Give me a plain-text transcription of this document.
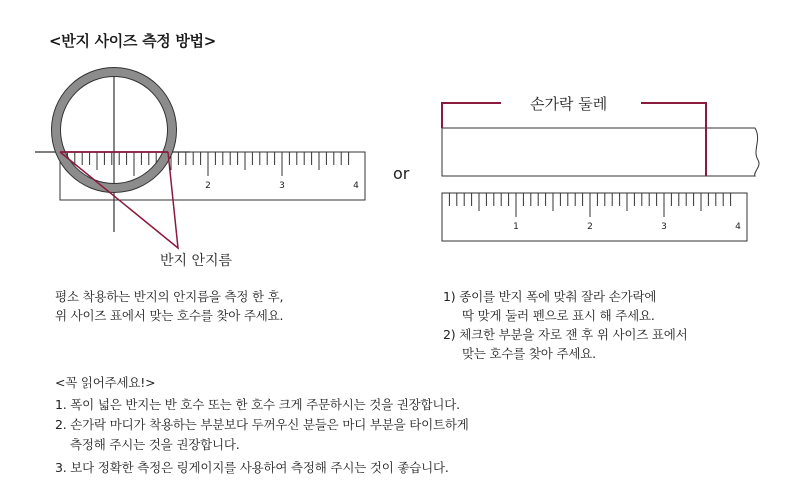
<반지 사이즈 측정 방법>
1	2	3	4
반지 안지름
or
1	2	3	4
손가락 둘레
평소 착용하는 반지의 안지름을 측정 한 후,
위 사이즈 표에서 맞는 호수를 찾아 주세요.
1) 종이를 반지 폭에 맞춰 잘라 손가락에
딱 맞게 둘러 펜으로 표시 해 주세요.
2) 체크한 부분을 자로 잰 후 위 사이즈 표에서
맞는 호수를 찾아 주세요.
<꼭 읽어주세요!>
1. 폭이 넓은 반지는 반 호수 또는 한 호수 크게 주문하시는 것을 권장합니다.
2. 손가락 마디가 착용하는 부분보다 두꺼우신 분들은 마디 부분을 타이트하게
측정해 주시는 것을 권장합니다.
3. 보다 정확한 측정은 링게이지를 사용하여 측정해 주시는 것이 좋습니다.
